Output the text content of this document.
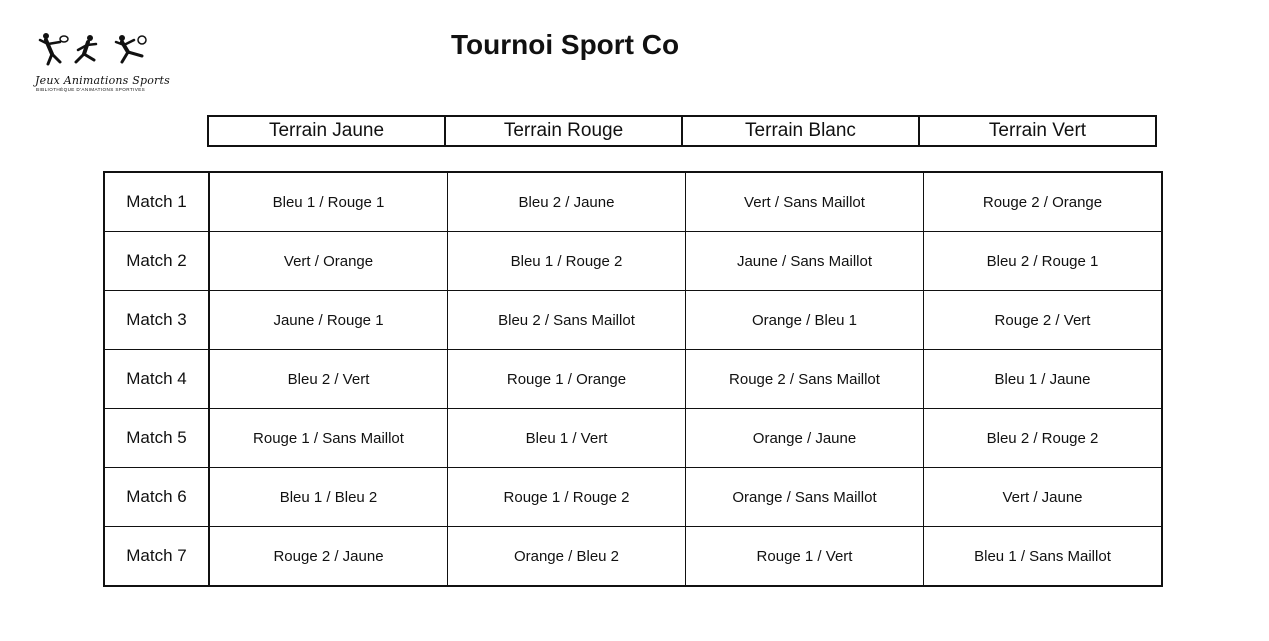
Jeux Animations Sports
BIBLIOTHÈQUE D'ANIMATIONS SPORTIVES
Tournoi Sport Co
Terrain Jaune	Terrain Rouge	Terrain Blanc	Terrain Vert
Match 1	Bleu 1 / Rouge 1	Bleu 2 / Jaune	Vert / Sans Maillot	Rouge 2 / Orange
Match 2	Vert / Orange	Bleu 1 / Rouge 2	Jaune / Sans Maillot	Bleu 2 / Rouge 1
Match 3	Jaune / Rouge 1	Bleu 2 / Sans Maillot	Orange / Bleu 1	Rouge 2 / Vert
Match 4	Bleu 2 / Vert	Rouge 1 / Orange	Rouge 2 / Sans Maillot	Bleu 1 / Jaune
Match 5	Rouge 1 / Sans Maillot	Bleu 1 / Vert	Orange / Jaune	Bleu 2 / Rouge 2
Match 6	Bleu 1 / Bleu 2	Rouge 1 / Rouge 2	Orange / Sans Maillot	Vert / Jaune
Match 7	Rouge 2 / Jaune	Orange / Bleu 2	Rouge 1 / Vert	Bleu 1 / Sans Maillot
